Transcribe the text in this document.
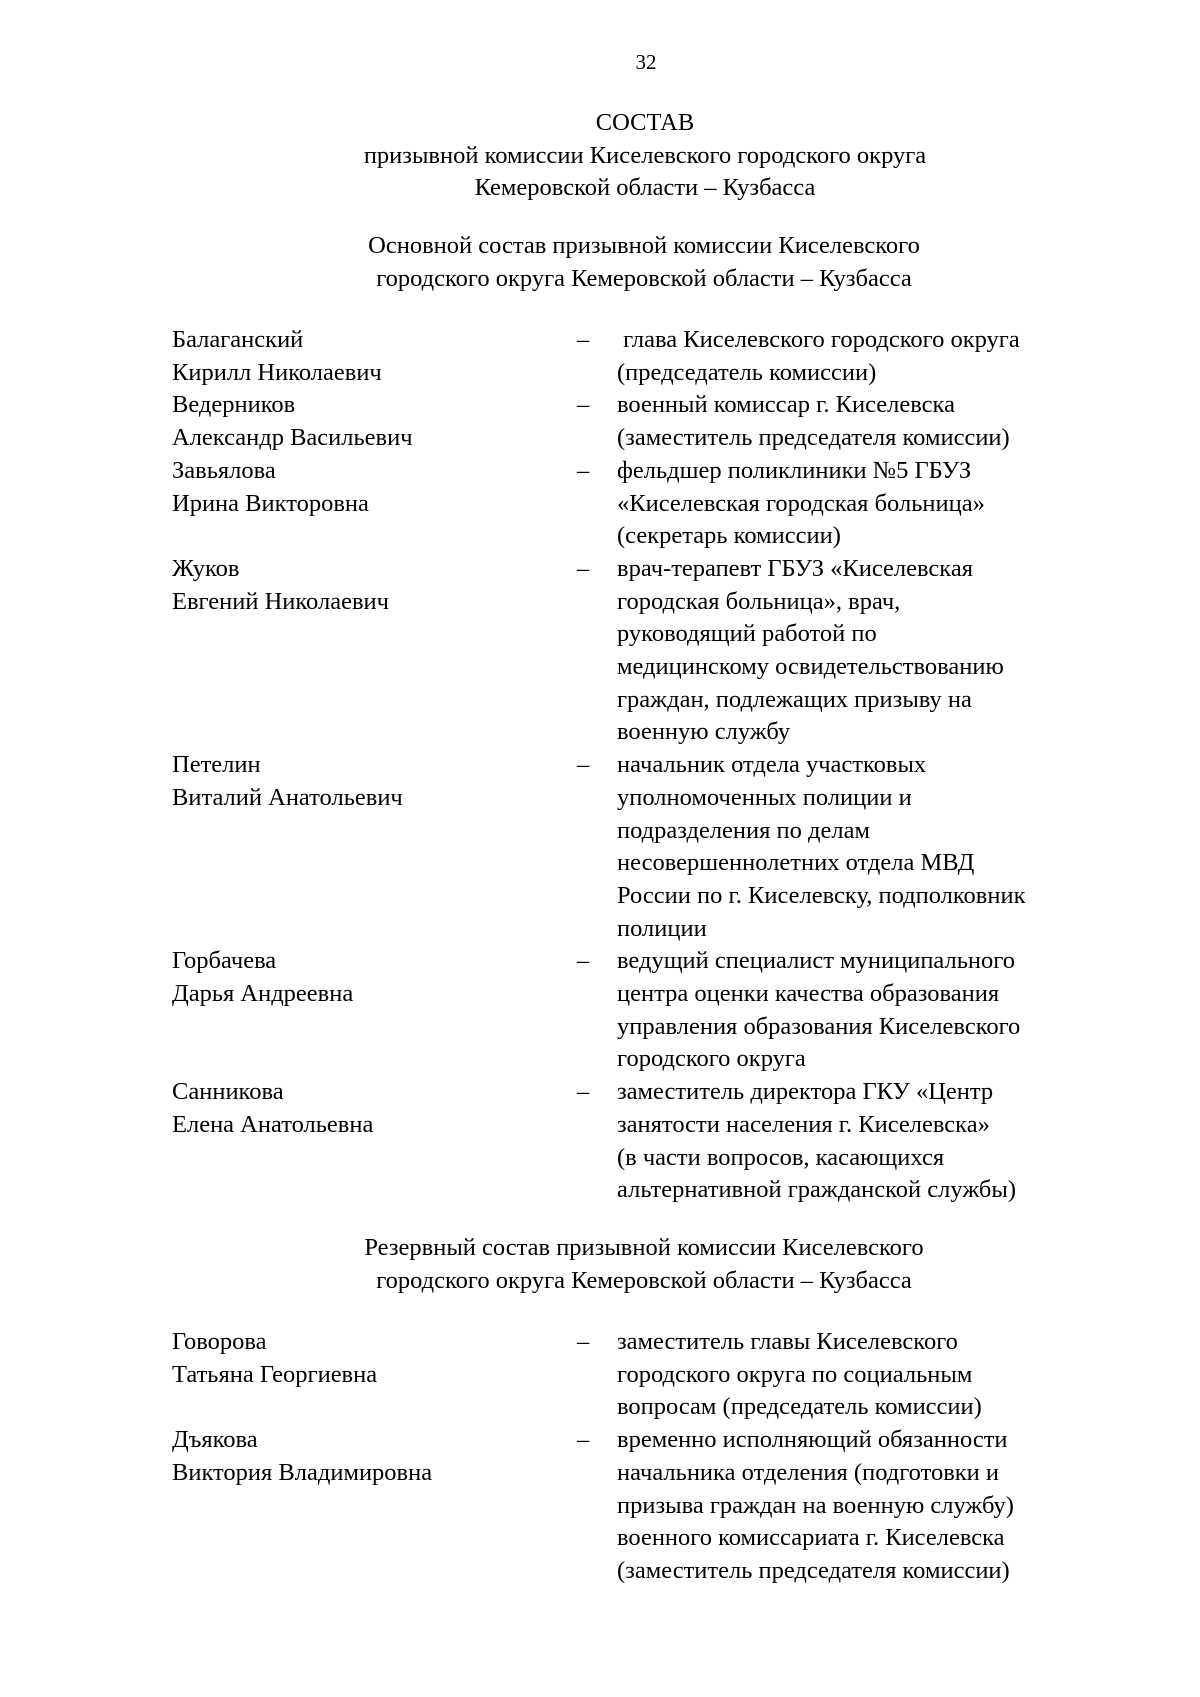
32
СОСТАВ
призывной комиссии Киселевского городского округа
Кемеровской области – Кузбасса
Основной состав призывной комиссии Киселевского
городского округа Кемеровской области – Кузбасса
Балаганский
Кирилл Николаевич
– глава Киселевского городского округа
(председатель комиссии)
Ведерников
Александр Васильевич
– военный комиссар г. Киселевска
(заместитель председателя комиссии)
Завьялова
Ирина Викторовна
– фельдшер поликлиники №5 ГБУЗ
«Киселевская городская больница»
(секретарь комиссии)
Жуков
Евгений Николаевич
– врач-терапевт ГБУЗ «Киселевская
городская больница», врач,
руководящий работой по
медицинскому освидетельствованию
граждан, подлежащих призыву на
военную службу
Петелин
Виталий Анатольевич
– начальник отдела участковых
уполномоченных полиции и
подразделения по делам
несовершеннолетних отдела МВД
России по г. Киселевску, подполковник
полиции
Горбачева
Дарья Андреевна
– ведущий специалист муниципального
центра оценки качества образования
управления образования Киселевского
городского округа
Санникова
Елена Анатольевна
– заместитель директора ГКУ «Центр
занятости населения г. Киселевска»
(в части вопросов, касающихся
альтернативной гражданской службы)
Резервный состав призывной комиссии Киселевского
городского округа Кемеровской области – Кузбасса
Говорова
Татьяна Георгиевна
– заместитель главы Киселевского
городского округа по социальным
вопросам (председатель комиссии)
Дъякова
Виктория Владимировна
– временно исполняющий обязанности
начальника отделения (подготовки и
призыва граждан на военную службу)
военного комиссариата г. Киселевска
(заместитель председателя комиссии)
